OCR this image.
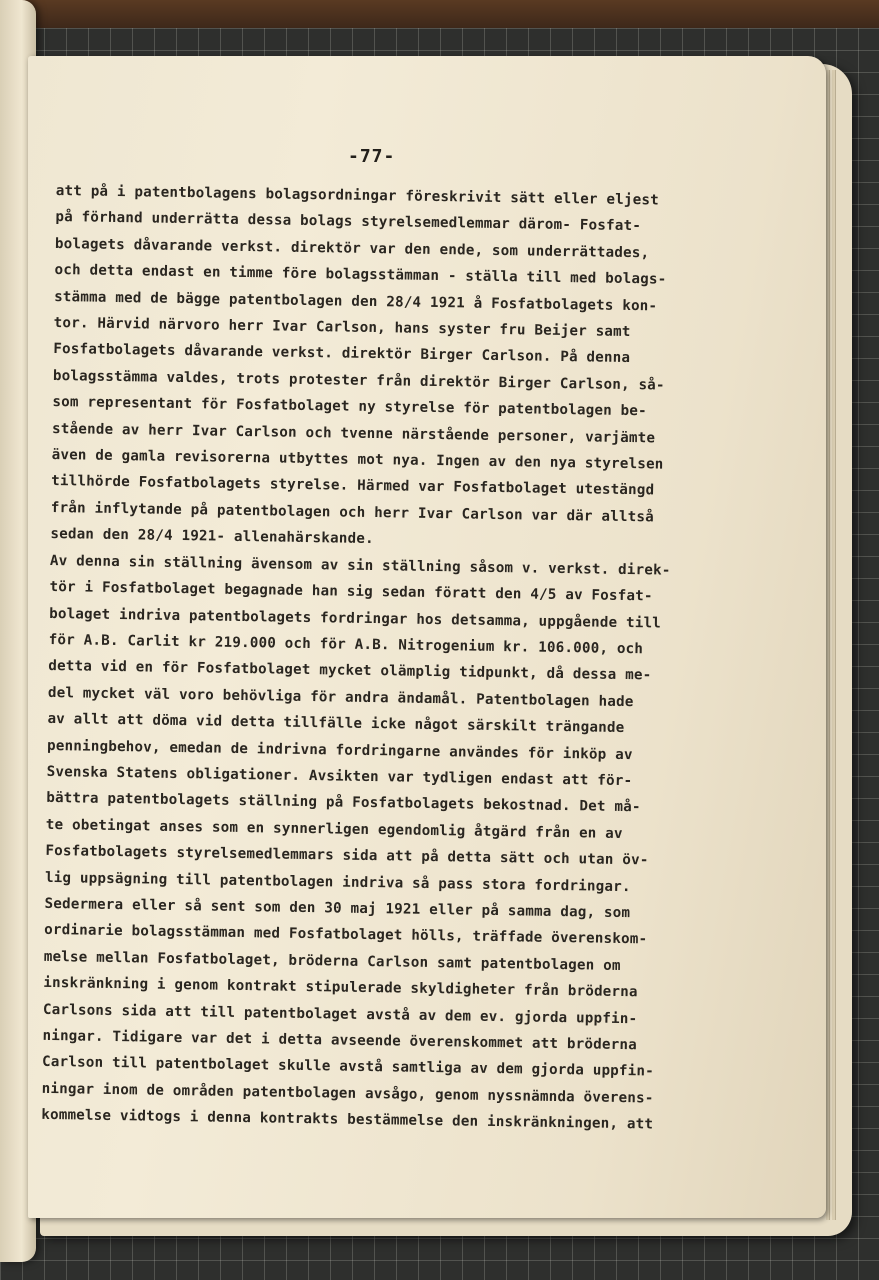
-77-
att på i patentbolagens bolagsordningar föreskrivit sätt eller eljest
på förhand underrätta dessa bolags styrelsemedlemmar därom- Fosfat-
bolagets dåvarande verkst. direktör var den ende, som underrättades,
och detta endast en timme före bolagsstämman - ställa till med bolags-
stämma med de bägge patentbolagen den 28/4 1921 å Fosfatbolagets kon-
tor. Härvid närvoro herr Ivar Carlson, hans syster fru Beijer samt
Fosfatbolagets dåvarande verkst. direktör Birger Carlson. På denna
bolagsstämma valdes, trots protester från direktör Birger Carlson, så-
som representant för Fosfatbolaget ny styrelse för patentbolagen be-
stående av herr Ivar Carlson och tvenne närstående personer, varjämte
även de gamla revisorerna utbyttes mot nya. Ingen av den nya styrelsen
tillhörde Fosfatbolagets styrelse. Härmed var Fosfatbolaget utestängd
från inflytande på patentbolagen och herr Ivar Carlson var där alltså
sedan den 28/4 1921- allenahärskande.
Av denna sin ställning ävensom av sin ställning såsom v. verkst. direk-
tör i Fosfatbolaget begagnade han sig sedan föratt den 4/5 av Fosfat-
bolaget indriva patentbolagets fordringar hos detsamma, uppgående till
för A.B. Carlit kr 219.000 och för A.B. Nitrogenium kr. 106.000, och
detta vid en för Fosfatbolaget mycket olämplig tidpunkt, då dessa me-
del mycket väl voro behövliga för andra ändamål. Patentbolagen hade
av allt att döma vid detta tillfälle icke något särskilt trängande
penningbehov, emedan de indrivna fordringarne användes för inköp av
Svenska Statens obligationer. Avsikten var tydligen endast att för-
bättra patentbolagets ställning på Fosfatbolagets bekostnad. Det må-
te obetingat anses som en synnerligen egendomlig åtgärd från en av
Fosfatbolagets styrelsemedlemmars sida att på detta sätt och utan öv-
lig uppsägning till patentbolagen indriva så pass stora fordringar.
Sedermera eller så sent som den 30 maj 1921 eller på samma dag, som
ordinarie bolagsstämman med Fosfatbolaget hölls, träffade överenskom-
melse mellan Fosfatbolaget, bröderna Carlson samt patentbolagen om
inskränkning i genom kontrakt stipulerade skyldigheter från bröderna
Carlsons sida att till patentbolaget avstå av dem ev. gjorda uppfin-
ningar. Tidigare var det i detta avseende överenskommet att bröderna
Carlson till patentbolaget skulle avstå samtliga av dem gjorda uppfin-
ningar inom de områden patentbolagen avsågo, genom nyssnämnda överens-
kommelse vidtogs i denna kontrakts bestämmelse den inskränkningen, att
